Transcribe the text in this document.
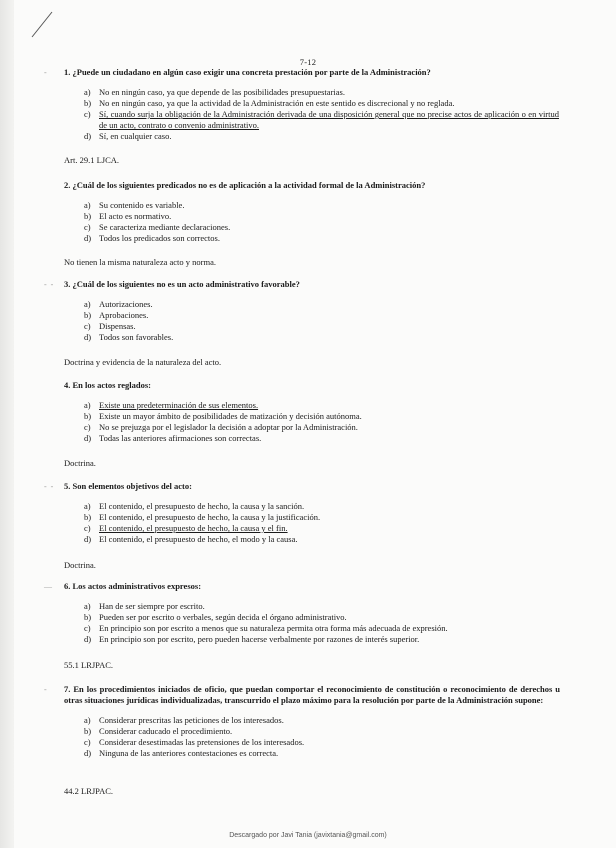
7-12
- 1. ¿Puede un ciudadano en algún caso exigir una concreta prestación por parte de la Administración?

a) No en ningún caso, ya que depende de las posibilidades presupuestarias.
b) No en ningún caso, ya que la actividad de la Administración en este sentido es discrecional y no reglada.
c) Sí, cuando surja la obligación de la Administración derivada de una disposición general que no precise actos de aplicación o en virtud de un acto, contrato o convenio administrativo.
d) Sí, en cualquier caso.
Art. 29.1 LJCA.

2. ¿Cuál de los siguientes predicados no es de aplicación a la actividad formal de la Administración?

a) Su contenido es variable.
b) El acto es normativo.
c) Se caracteriza mediante declaraciones.
d) Todos los predicados son correctos.
No tienen la misma naturaleza acto y norma.
- - 3. ¿Cuál de los siguientes no es un acto administrativo favorable?

a) Autorizaciones.
b) Aprobaciones.
c) Dispensas.
d) Todos son favorables.
Doctrina y evidencia de la naturaleza del acto.

4. En los actos reglados:

a) Existe una predeterminación de sus elementos.
b) Existe un mayor ámbito de posibilidades de matización y decisión autónoma.
c) No se prejuzga por el legislador la decisión a adoptar por la Administración.
d) Todas las anteriores afirmaciones son correctas.
Doctrina.
- - 5. Son elementos objetivos del acto:

a) El contenido, el presupuesto de hecho, la causa y la sanción.
b) El contenido, el presupuesto de hecho, la causa y la justificación.
c) El contenido, el presupuesto de hecho, la causa y el fin.
d) El contenido, el presupuesto de hecho, el modo y la causa.
Doctrina.
— 6. Los actos administrativos expresos:

a) Han de ser siempre por escrito.
b) Pueden ser por escrito o verbales, según decida el órgano administrativo.
c) En principio son por escrito a menos que su naturaleza permita otra forma más adecuada de expresión.
d) En principio son por escrito, pero pueden hacerse verbalmente por razones de interés superior.
55.1 LRJPAC.
- 7. En los procedimientos iniciados de oficio, que puedan comportar el reconocimiento de constitución o reconocimiento de derechos u otras situaciones jurídicas individualizadas, transcurrido el plazo máximo para la resolución por parte de la Administración supone:

a) Considerar prescritas las peticiones de los interesados.
b) Considerar caducado el procedimiento.
c) Considerar desestimadas las pretensiones de los interesados.
d) Ninguna de las anteriores contestaciones es correcta.
44.2 LRJPAC.
Descargado por Javi Tania (javixtania@gmail.com)
